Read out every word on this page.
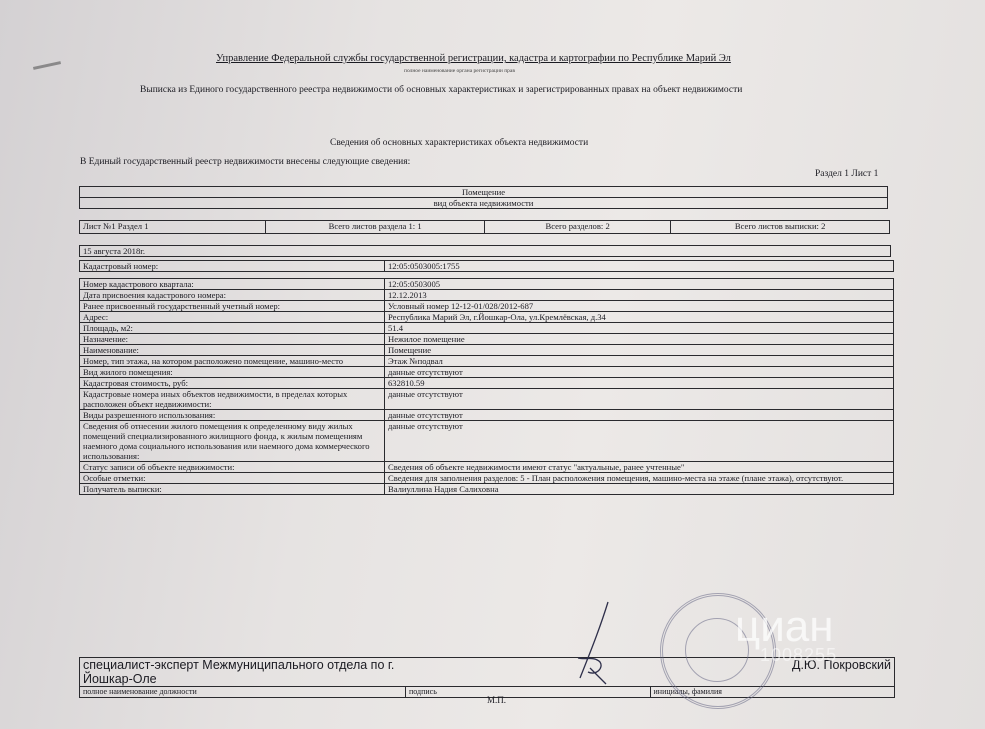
Управление Федеральной службы государственной регистрации, кадастра и картографии по Республике Марий Эл
полное наименование органа регистрации прав
Выписка из Единого государственного реестра недвижимости об основных характеристиках и зарегистрированных правах на объект недвижимости
Сведения об основных характеристиках объекта недвижимости
В Единый государственный реестр недвижимости внесены следующие сведения:
Раздел 1 Лист 1
Помещение
вид объекта недвижимости
Лист №1 Раздел 1	Всего листов раздела 1: 1	Всего разделов: 2	Всего листов выписки: 2
15 августа 2018г.
Кадастровый номер:	12:05:0503005:1755

Номер кадастрового квартала:	12:05:0503005
Дата присвоения кадастрового номера:	12.12.2013
Ранее присвоенный государственный учетный номер:	Условный номер 12-12-01/028/2012-687
Адрес:	Республика Марий Эл, г.Йошкар-Ола, ул.Кремлёвская, д.34
Площадь, м2:	51.4
Назначение:	Нежилое помещение
Наименование:	Помещение
Номер, тип этажа, на котором расположено помещение, машино-место	Этаж №подвал
Вид жилого помещения:	данные отсутствуют
Кадастровая стоимость, руб:	632810.59
Кадастровые номера иных объектов недвижимости, в пределах которых расположен объект недвижимости:	данные отсутствуют
Виды разрешенного использования:	данные отсутствуют
Сведения об отнесении жилого помещения к определенному виду жилых помещений специализированного жилищного фонда, к жилым помещениям наемного дома социального использования или наемного дома коммерческого использования:	данные отсутствуют
Статус записи об объекте недвижимости:	Сведения об объекте недвижимости имеют статус "актуальные, ранее учтенные"
Особые отметки:	Сведения для заполнения разделов: 5 - План расположения помещения, машино-места на этаже (плане этажа), отсутствуют.
Получатель выписки:	Валиуллина Надия Салиховна
специалист-эксперт Межмуниципального отдела по г. Йошкар-Оле		Д.Ю. Покровский
полное наименование должности	подпись	инициалы, фамилия
М.П.
циан
1008255
